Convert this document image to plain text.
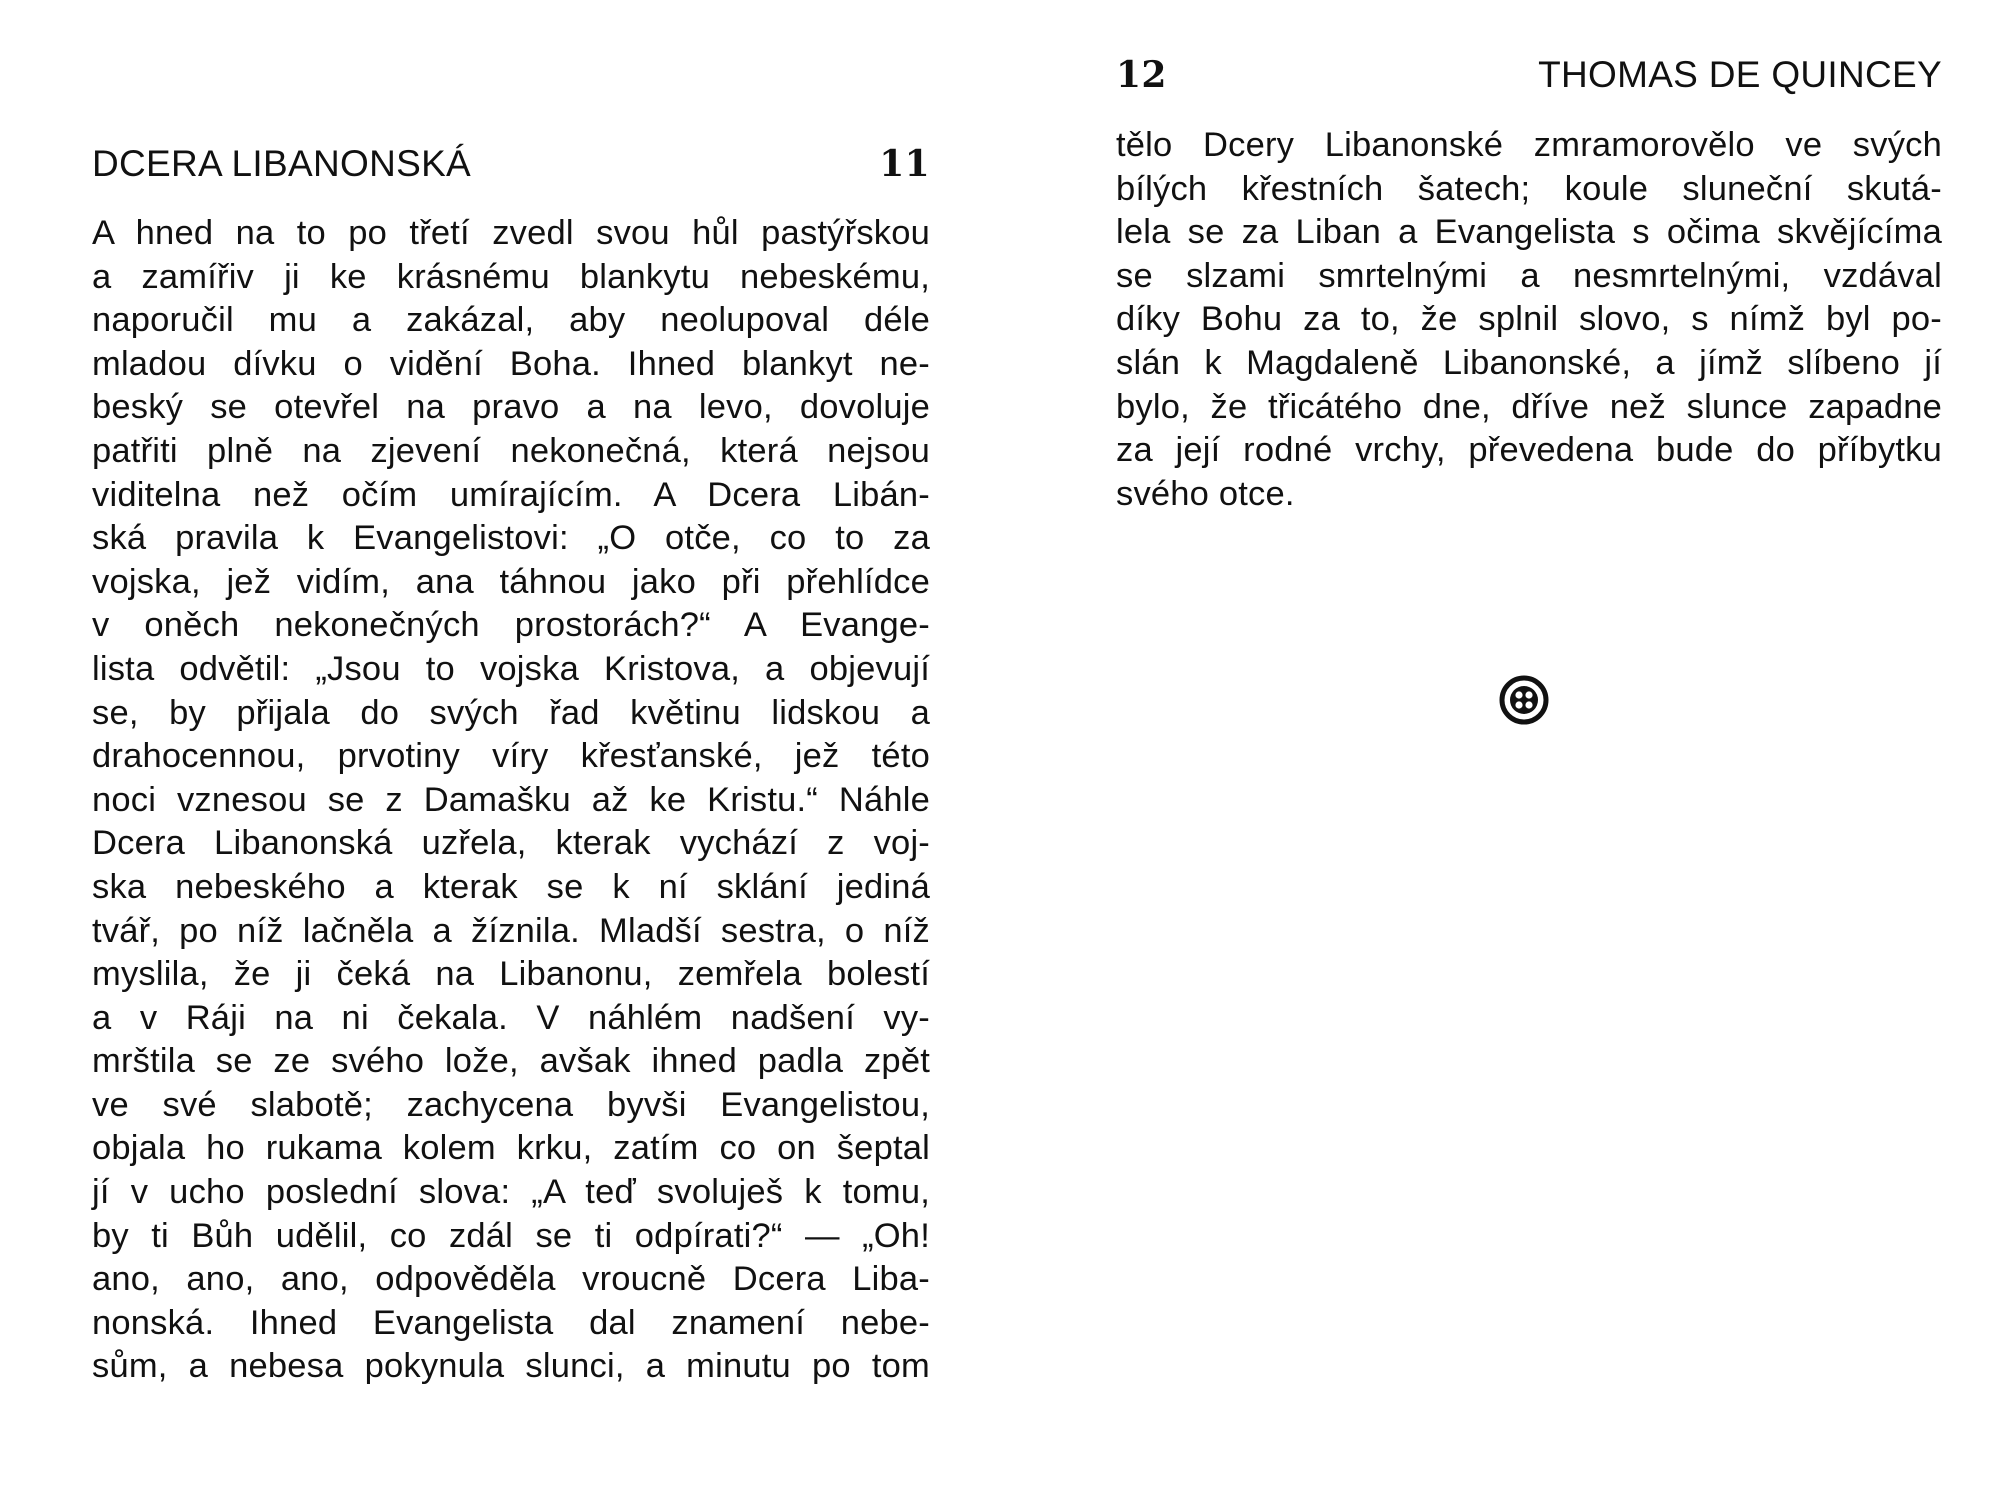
DCERA LIBANONSKÁ	11
A hned na to po třetí zvedl svou hůl pastýřskou
a zamířiv ji ke krásnému blankytu nebeskému,
naporučil mu a zakázal, aby neolupoval déle
mladou dívku o vidění Boha. Ihned blankyt ne-
beský se otevřel na pravo a na levo, dovoluje
patřiti plně na zjevení nekonečná, která nejsou
viditelna než očím umírajícím. A Dcera Libán-
ská pravila k Evangelistovi: „O otče, co to za
vojska, jež vidím, ana táhnou jako při přehlídce
v oněch nekonečných prostorách?“ A Evange-
lista odvětil: „Jsou to vojska Kristova, a objevují
se, by přijala do svých řad květinu lidskou a
drahocennou, prvotiny víry křesťanské, jež této
noci vznesou se z Damašku až ke Kristu.“ Náhle
Dcera Libanonská uzřela, kterak vychází z voj-
ska nebeského a kterak se k ní sklání jediná
tvář, po níž lačněla a žíznila. Mladší sestra, o níž
myslila, že ji čeká na Libanonu, zemřela bolestí
a v Ráji na ni čekala. V náhlém nadšení vy-
mrštila se ze svého lože, avšak ihned padla zpět
ve své slabotě; zachycena byvši Evangelistou,
objala ho rukama kolem krku, zatím co on šeptal
jí v ucho poslední slova: „A teď svoluješ k tomu,
by ti Bůh udělil, co zdál se ti odpírati?“ — „Oh!
ano, ano, ano, odpověděla vroucně Dcera Liba-
nonská. Ihned Evangelista dal znamení nebe-
sům, a nebesa pokynula slunci, a minutu po tom
12	THOMAS DE QUINCEY
tělo Dcery Libanonské zmramorovělo ve svých
bílých křestních šatech; koule sluneční skutá-
lela se za Liban a Evangelista s očima skvějícíma
se slzami smrtelnými a nesmrtelnými, vzdával
díky Bohu za to, že splnil slovo, s nímž byl po-
slán k Magdaleně Libanonské, a jímž slíbeno jí
bylo, že třicátého dne, dříve než slunce zapadne
za její rodné vrchy, převedena bude do příbytku
svého otce.
